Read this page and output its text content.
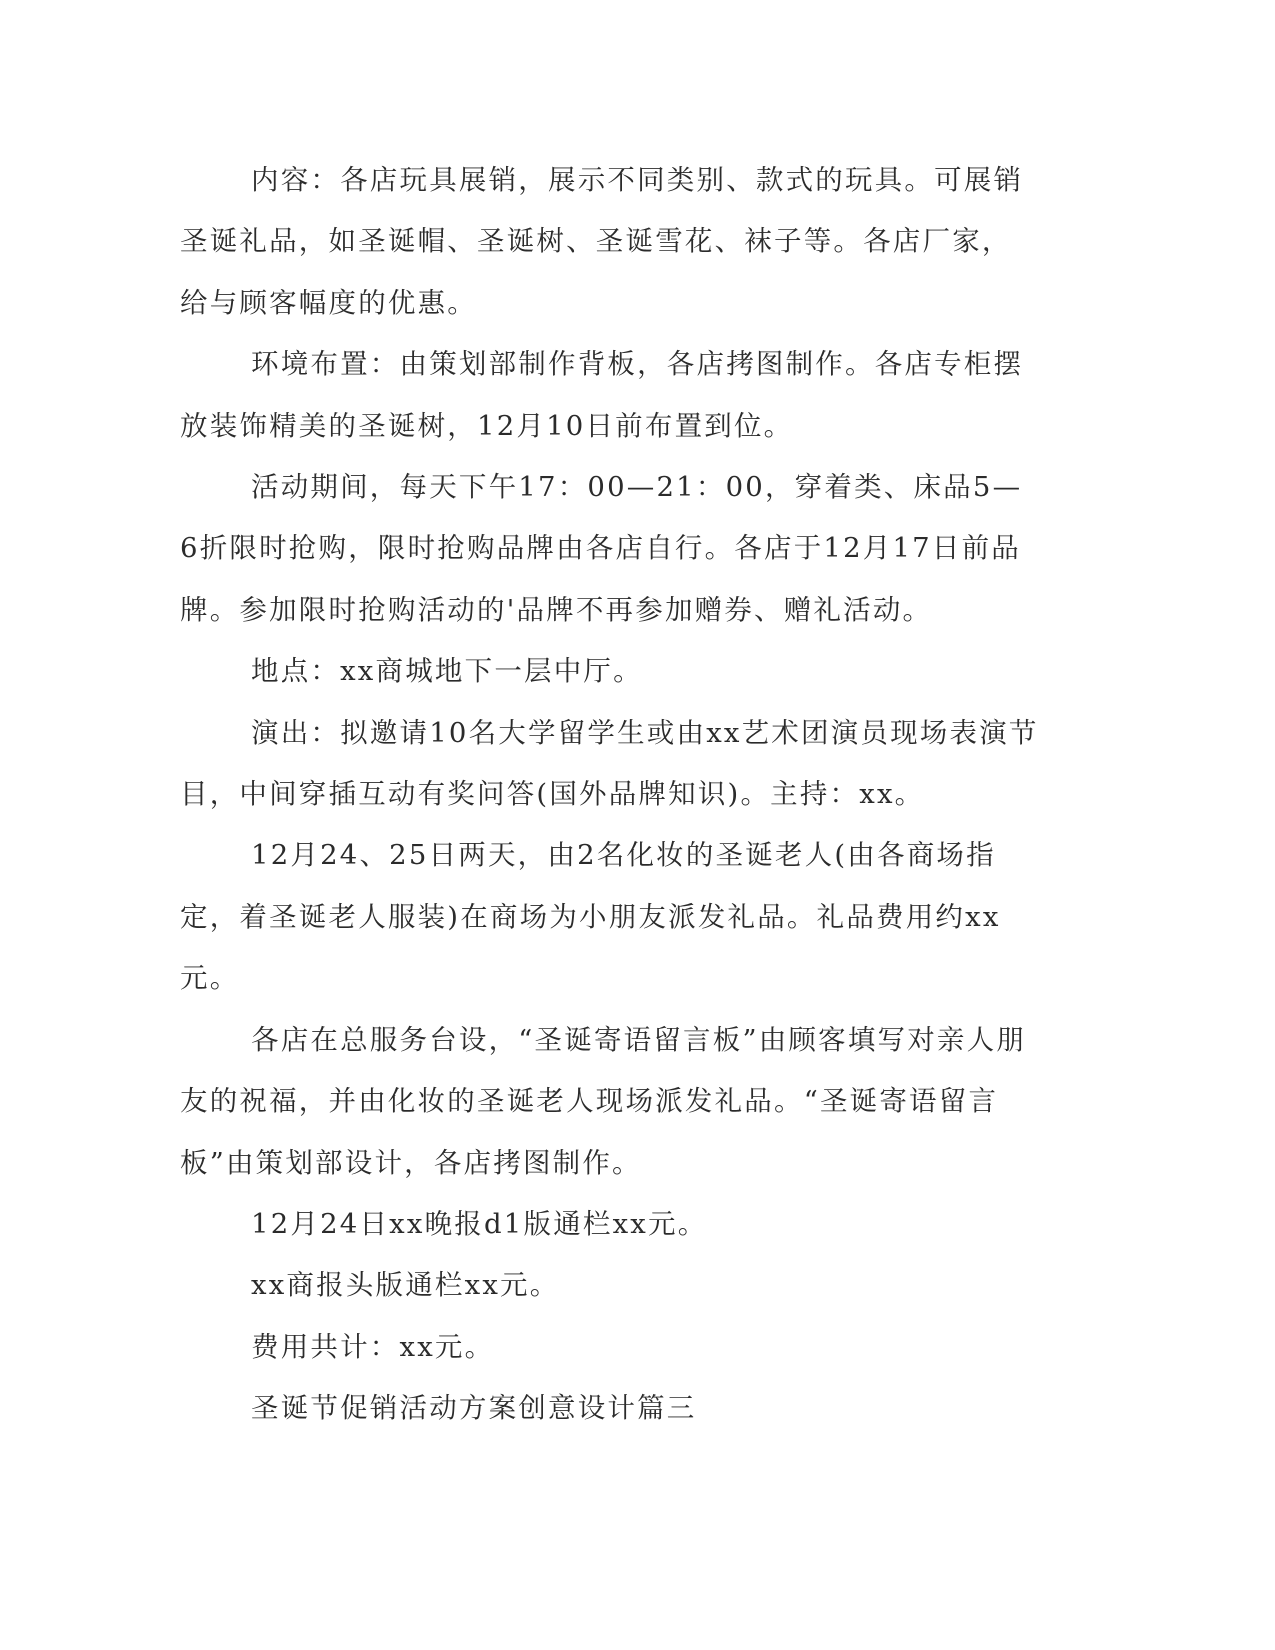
内容：各店玩具展销，展示不同类别、款式的玩具。可展销圣诞礼品，如圣诞帽、圣诞树、圣诞雪花、袜子等。各店厂家，给与顾客幅度的优惠。

环境布置：由策划部制作背板，各店拷图制作。各店专柜摆放装饰精美的圣诞树，12月10日前布置到位。

活动期间，每天下午17：00—21：00，穿着类、床品5—6折限时抢购，限时抢购品牌由各店自行。各店于12月17日前品牌。参加限时抢购活动的'品牌不再参加赠券、赠礼活动。

地点：xx商城地下一层中厅。

演出：拟邀请10名大学留学生或由xx艺术团演员现场表演节目，中间穿插互动有奖问答(国外品牌知识)。主持：xx。

12月24、25日两天，由2名化妆的圣诞老人(由各商场指定，着圣诞老人服装)在商场为小朋友派发礼品。礼品费用约xx元。

各店在总服务台设，“圣诞寄语留言板”由顾客填写对亲人朋友的祝福，并由化妆的圣诞老人现场派发礼品。“圣诞寄语留言板”由策划部设计，各店拷图制作。

12月24日xx晚报d1版通栏xx元。

xx商报头版通栏xx元。

费用共计：xx元。

圣诞节促销活动方案创意设计篇三
